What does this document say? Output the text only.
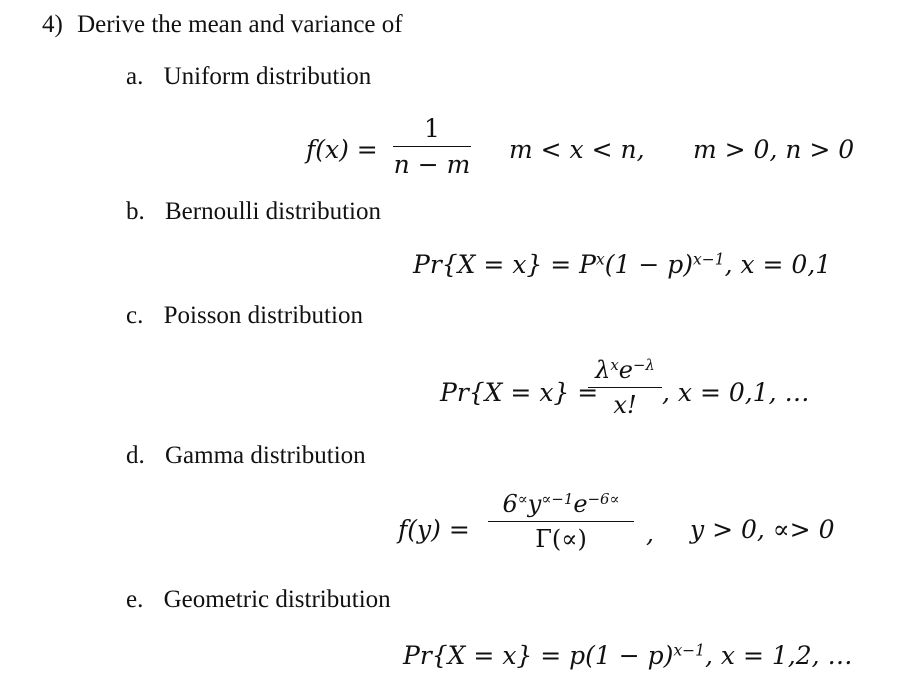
4) Derive the mean and variance of
a. Uniform distribution
f(x) =
1
n − m
m < x < n, m > 0, n > 0
b. Bernoulli distribution
$Pr\{X = x\} = P^x(1 - p)^{x-1}$, x = 0,1
c. Poisson distribution
Pr{X = x} =
$\lambda^xe^{-\lambda}$
x!	, x = 0,1, …
d. Gamma distribution
f(y) =
$6^\propto y^{\propto-1}e^{-6\propto}$
Γ(∝)	, y > 0, ∝> 0
e. Geometric distribution
$Pr\{X = x\} = p(1 - p)^{x-1}$, x = 1,2, …
